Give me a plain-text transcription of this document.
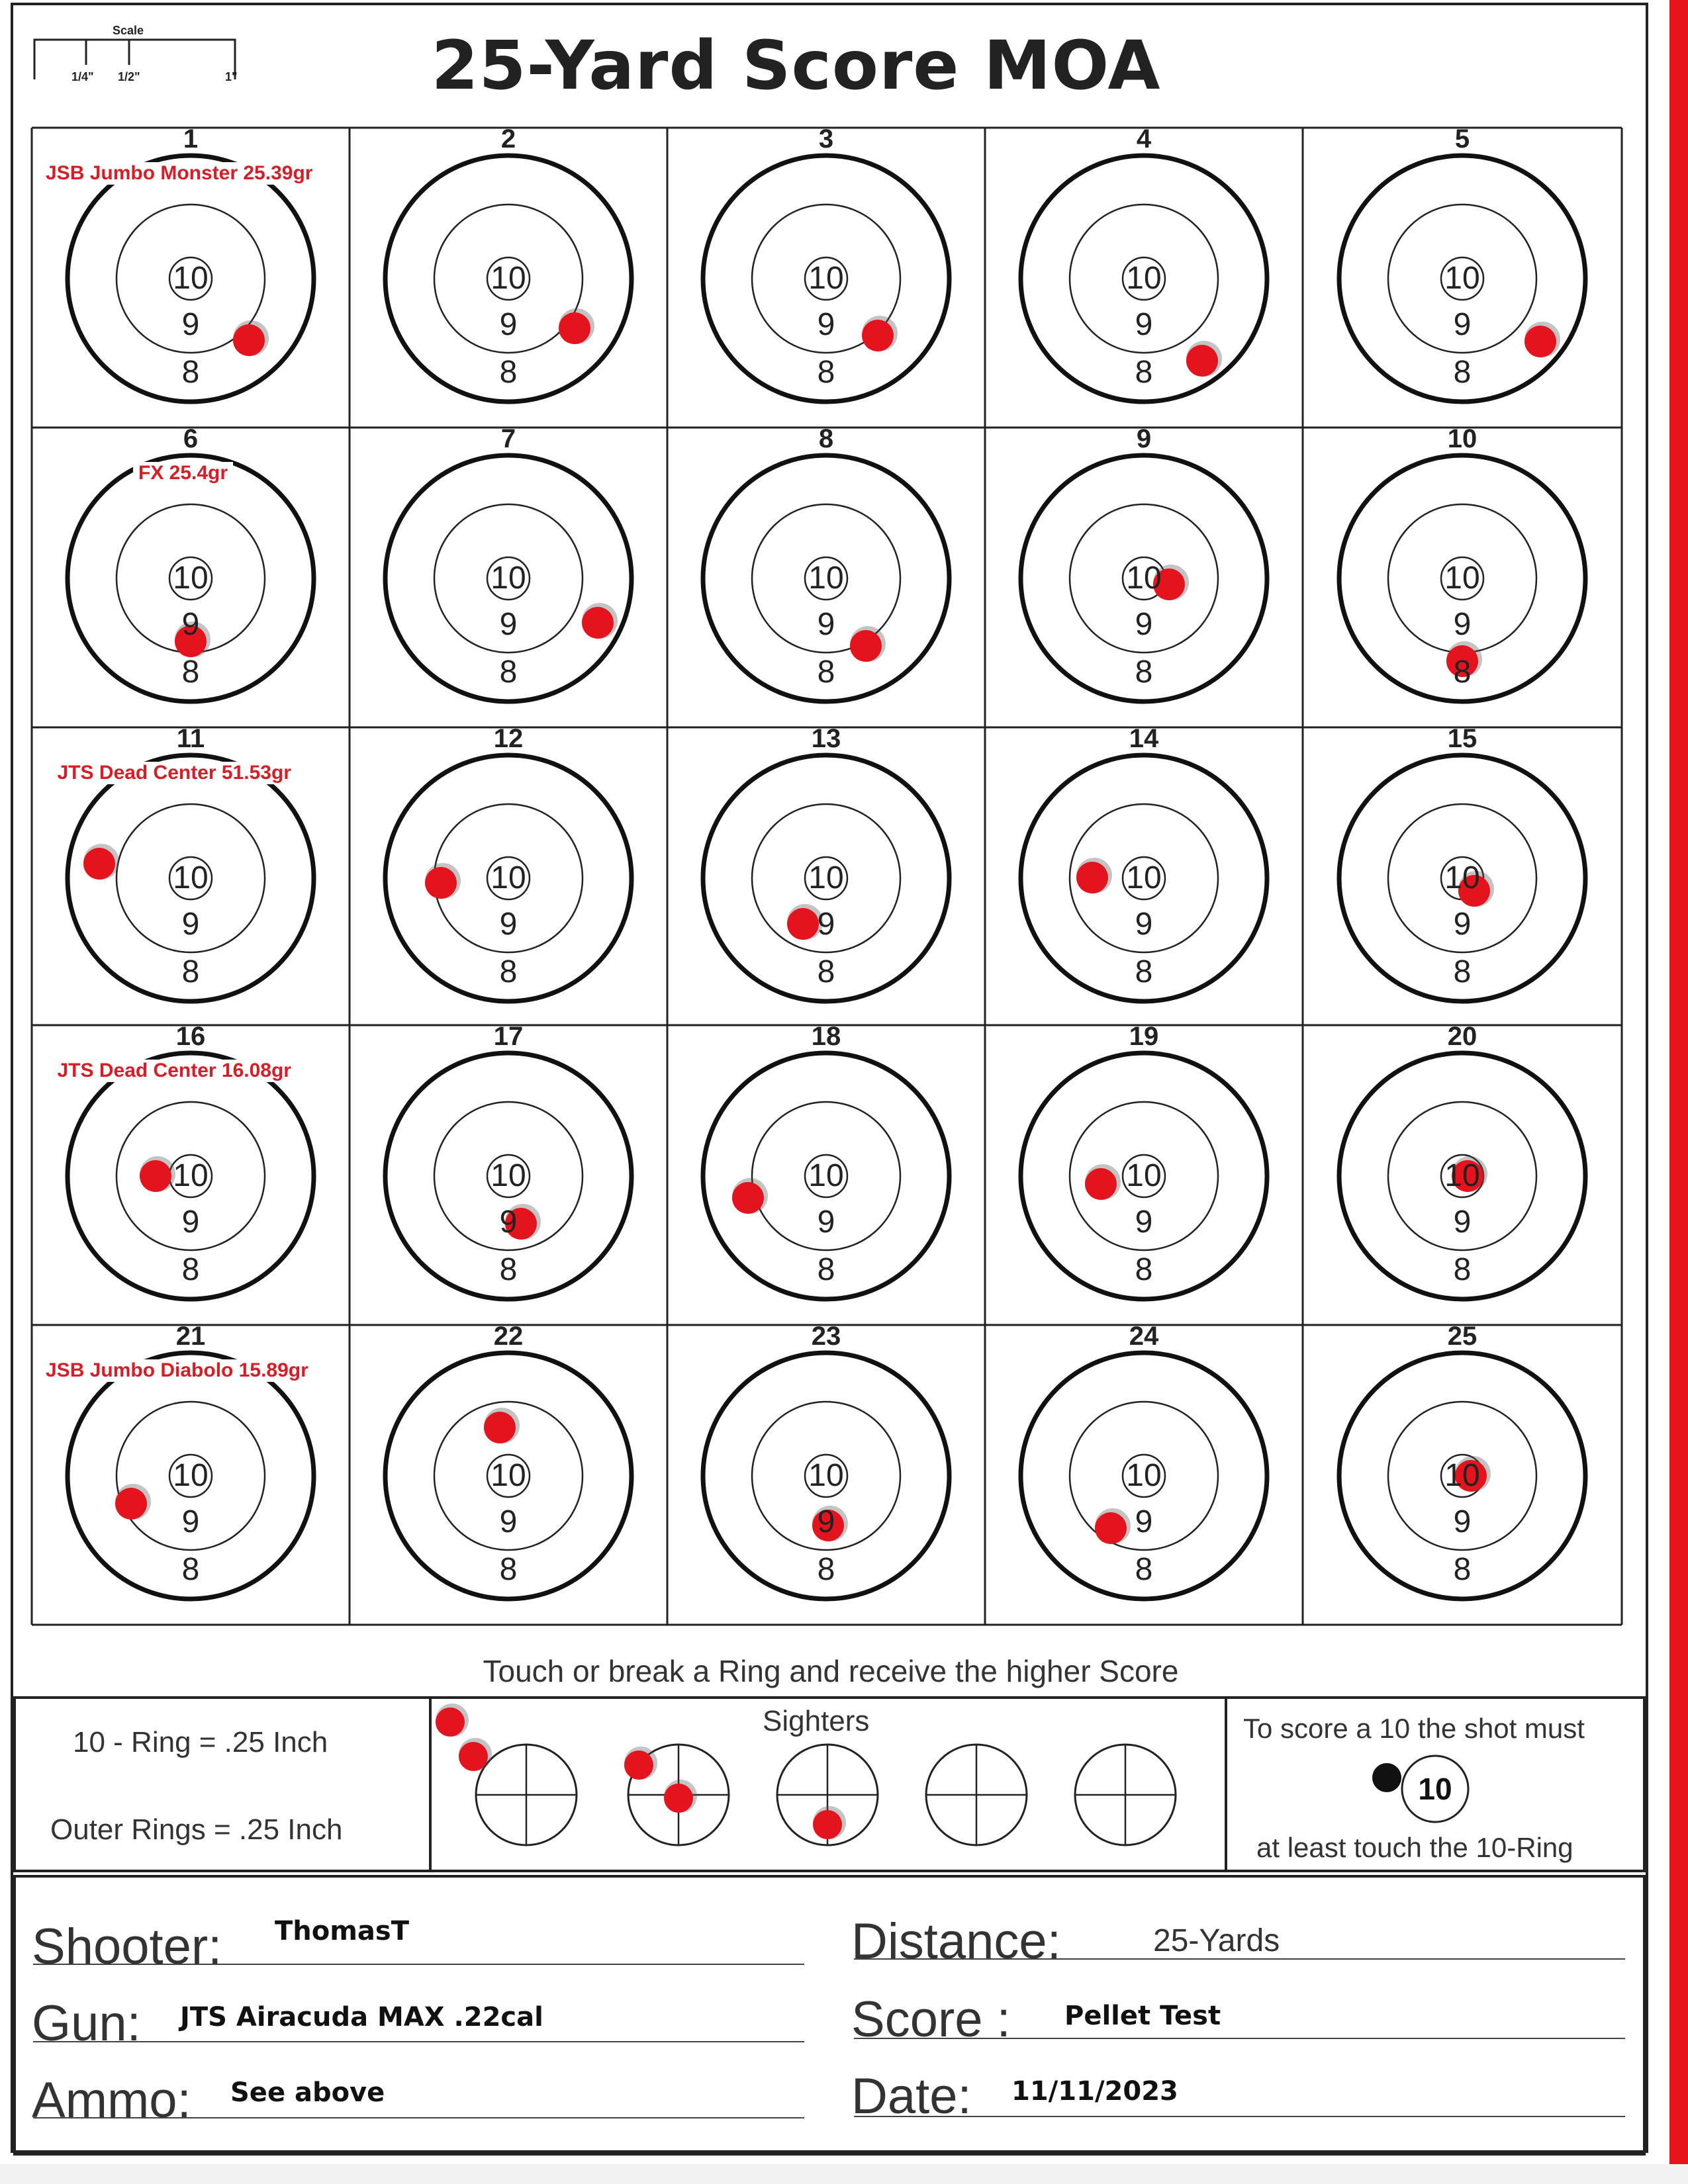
25-Yard Score MOA
Scale
1/4" 1/2"	1"
1
10
9
8
JSB Jumbo Monster 25.39gr
2
10
9
8
3
10
9
8
4
10
9
8
5
10
9
8
6
10
9
8
FX 25.4gr
7
10
9
8
8
10
9
8
9
10
9
8
10
10
9
8
11
10
9
8
JTS Dead Center 51.53gr
12
10
9
8
13
10
9
8
14
10
9
8
15
10
9
8
16
10
9
8
JTS Dead Center 16.08gr
17
10
9
8
18
10
9
8
19
10
9
8
20
10
9
8
21
10
9
8
JSB Jumbo Diabolo 15.89gr
22
10
9
8
23
10
9
8
24
10
9
8
25
10
9
8
Touch or break a Ring and receive the higher Score
10 - Ring = .25 Inch
Outer Rings = .25 Inch
Sighters	To score a 10 the shot must
10
at least touch the 10-Ring
Shooter: ThomasT
Gun: JTS Airacuda MAX .22cal
Ammo: See above
Distance:	25-Yards
Score : Pellet Test
Date: 11/11/2023
